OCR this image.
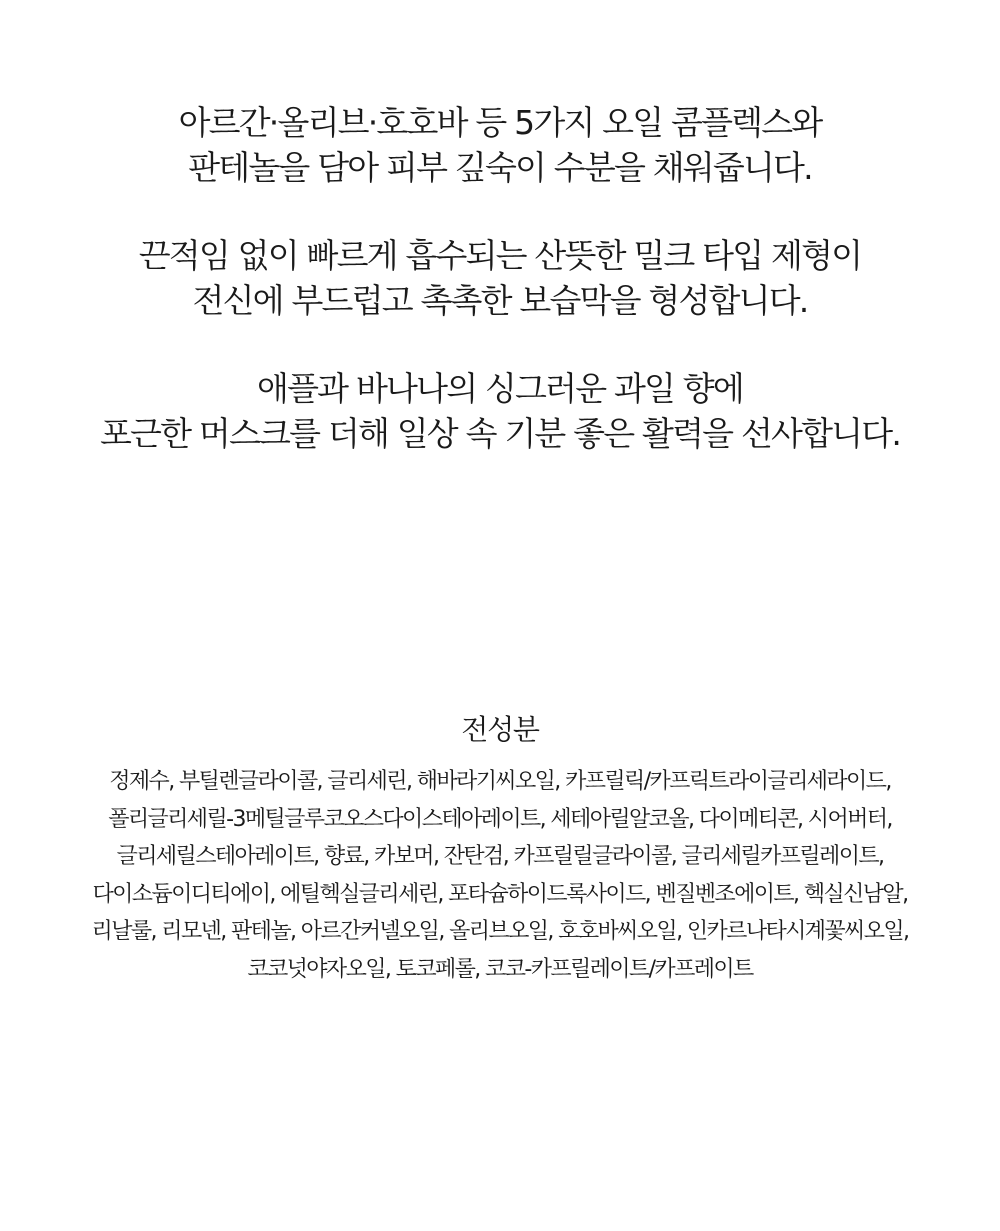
아르간·올리브·호호바 등 5가지 오일 콤플렉스와
판테놀을 담아 피부 깊숙이 수분을 채워줍니다.
끈적임 없이 빠르게 흡수되는 산뜻한 밀크 타입 제형이
전신에 부드럽고 촉촉한 보습막을 형성합니다.
애플과 바나나의 싱그러운 과일 향에
포근한 머스크를 더해 일상 속 기분 좋은 활력을 선사합니다.
전성분
정제수, 부틸렌글라이콜, 글리세린, 해바라기씨오일, 카프릴릭/카프릭트라이글리세라이드,
폴리글리세릴-3메틸글루코오스다이스테아레이트, 세테아릴알코올, 다이메티콘, 시어버터,
글리세릴스테아레이트, 향료, 카보머, 잔탄검, 카프릴릴글라이콜, 글리세릴카프릴레이트,
다이소듐이디티에이, 에틸헥실글리세린, 포타슘하이드록사이드, 벤질벤조에이트, 헥실신남알,
리날룰, 리모넨, 판테놀, 아르간커넬오일, 올리브오일, 호호바씨오일, 인카르나타시계꽃씨오일,
코코넛야자오일, 토코페롤, 코코-카프릴레이트/카프레이트
